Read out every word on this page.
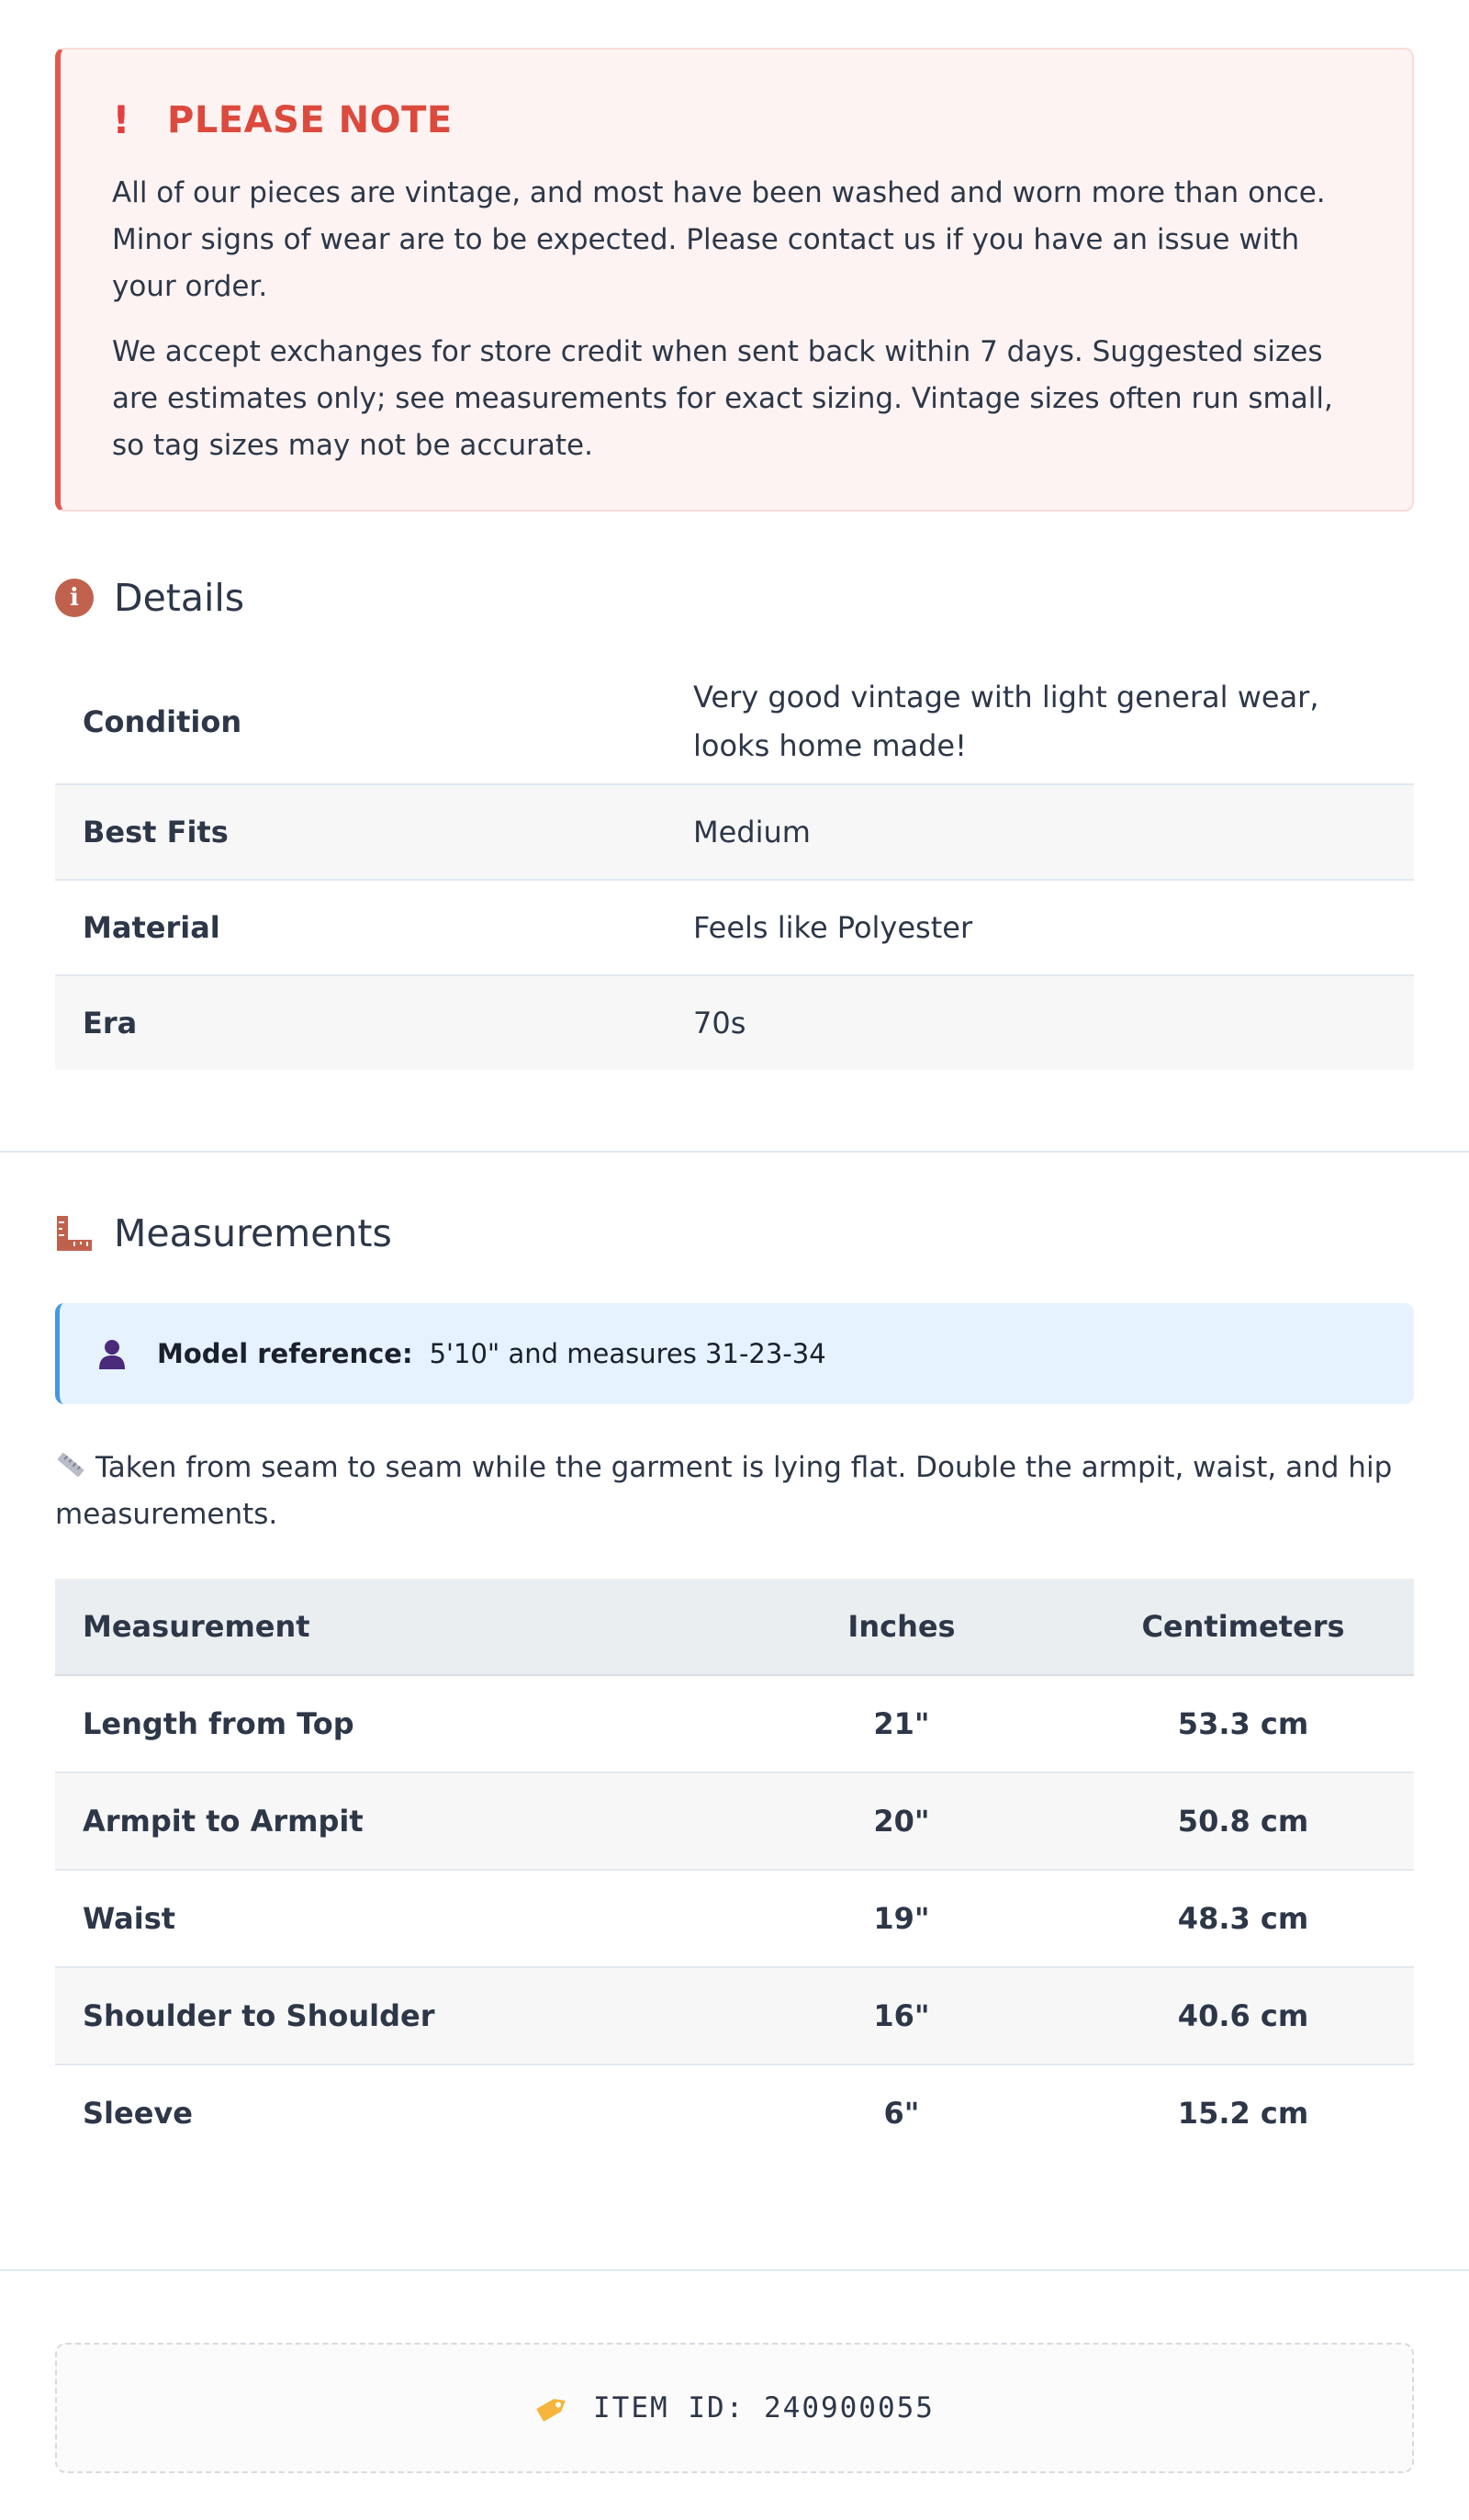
! PLEASE NOTE

All of our pieces are vintage, and most have been washed and worn more than once. Minor signs of wear are to be expected. Please contact us if you have an issue with your order.

We accept exchanges for store credit when sent back within 7 days. Suggested sizes are estimates only; see measurements for exact sizing. Vintage sizes often run small, so tag sizes may not be accurate.

i Details
Condition	Very good vintage with light general wear, looks home made!
Best Fits	Medium
Material	Feels like Polyester
Era	70s
Measurements
Model reference: 5'10" and measures 31-23-34
Taken from seam to seam while the garment is lying flat. Double the armpit, waist, and hip measurements.
Measurement	Inches	Centimeters
Length from Top	21"	53.3 cm
Armpit to Armpit	20"	50.8 cm
Waist	19"	48.3 cm
Shoulder to Shoulder	16"	40.6 cm
Sleeve	6"	15.2 cm
ITEM ID: 240900055
